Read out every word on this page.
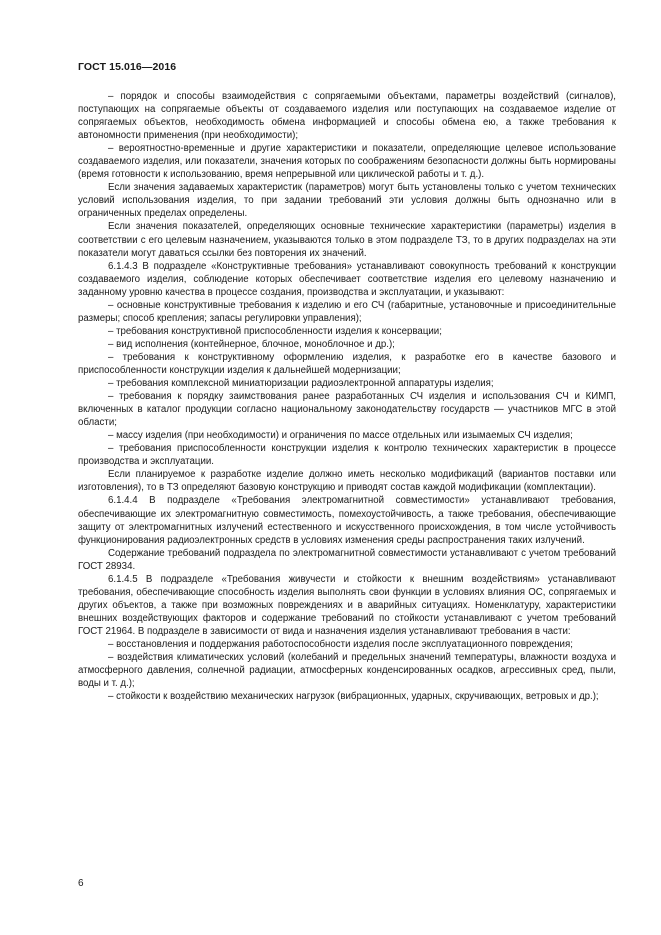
ГОСТ 15.016—2016

– порядок и способы взаимодействия с сопрягаемыми объектами, параметры воздействий (сигналов), поступающих на сопрягаемые объекты от создаваемого изделия или поступающих на создаваемое изделие от сопрягаемых объектов, необходимость обмена информацией и способы обмена ею, а также требования к автономности применения (при необходимости);

– вероятностно-временные и другие характеристики и показатели, определяющие целевое использование создаваемого изделия, или показатели, значения которых по соображениям безопасности должны быть нормированы (время готовности к использованию, время непрерывной или циклической работы и т. д.).

Если значения задаваемых характеристик (параметров) могут быть установлены только с учетом технических условий использования изделия, то при задании требований эти условия должны быть однозначно или в ограниченных пределах определены.

Если значения показателей, определяющих основные технические характеристики (параметры) изделия в соответствии с его целевым назначением, указываются только в этом подразделе ТЗ, то в других подразделах на эти показатели могут даваться ссылки без повторения их значений.

6.1.4.3 В подразделе «Конструктивные требования» устанавливают совокупность требований к конструкции создаваемого изделия, соблюдение которых обеспечивает соответствие изделия его целевому назначению и заданному уровню качества в процессе создания, производства и эксплуатации, и указывают:

– основные конструктивные требования к изделию и его СЧ (габаритные, установочные и присоединительные размеры; способ крепления; запасы регулировки управления);

– требования конструктивной приспособленности изделия к консервации;

– вид исполнения (контейнерное, блочное, моноблочное и др.);

– требования к конструктивному оформлению изделия, к разработке его в качестве базового и приспособленности конструкции изделия к дальнейшей модернизации;

– требования комплексной миниатюризации радиоэлектронной аппаратуры изделия;

– требования к порядку заимствования ранее разработанных СЧ изделия и использования СЧ и КИМП, включенных в каталог продукции согласно национальному законодательству государств — участников МГС в этой области;

– массу изделия (при необходимости) и ограничения по массе отдельных или изымаемых СЧ изделия;

– требования приспособленности конструкции изделия к контролю технических характеристик в процессе производства и эксплуатации.

Если планируемое к разработке изделие должно иметь несколько модификаций (вариантов поставки или изготовления), то в ТЗ определяют базовую конструкцию и приводят состав каждой модификации (комплектации).

6.1.4.4 В подразделе «Требования электромагнитной совместимости» устанавливают требования, обеспечивающие их электромагнитную совместимость, помехоустойчивость, а также требования, обеспечивающие защиту от электромагнитных излучений естественного и искусственного происхождения, в том числе устойчивость функционирования радиоэлектронных средств в условиях изменения среды распространения таких излучений.

Содержание требований подраздела по электромагнитной совместимости устанавливают с учетом требований ГОСТ 28934.

6.1.4.5 В подразделе «Требования живучести и стойкости к внешним воздействиям» устанавливают требования, обеспечивающие способность изделия выполнять свои функции в условиях влияния ОС, сопрягаемых и других объектов, а также при возможных повреждениях и в аварийных ситуациях. Номенклатуру, характеристики внешних воздействующих факторов и содержание требований по стойкости устанавливают с учетом требований ГОСТ 21964. В подразделе в зависимости от вида и назначения изделия устанавливают требования в части:

– восстановления и поддержания работоспособности изделия после эксплуатационного повреждения;

– воздействия климатических условий (колебаний и предельных значений температуры, влажности воздуха и атмосферного давления, солнечной радиации, атмосферных конденсированных осадков, агрессивных сред, пыли, воды и т. д.);

– стойкости к воздействию механических нагрузок (вибрационных, ударных, скручивающих, ветровых и др.);

6
